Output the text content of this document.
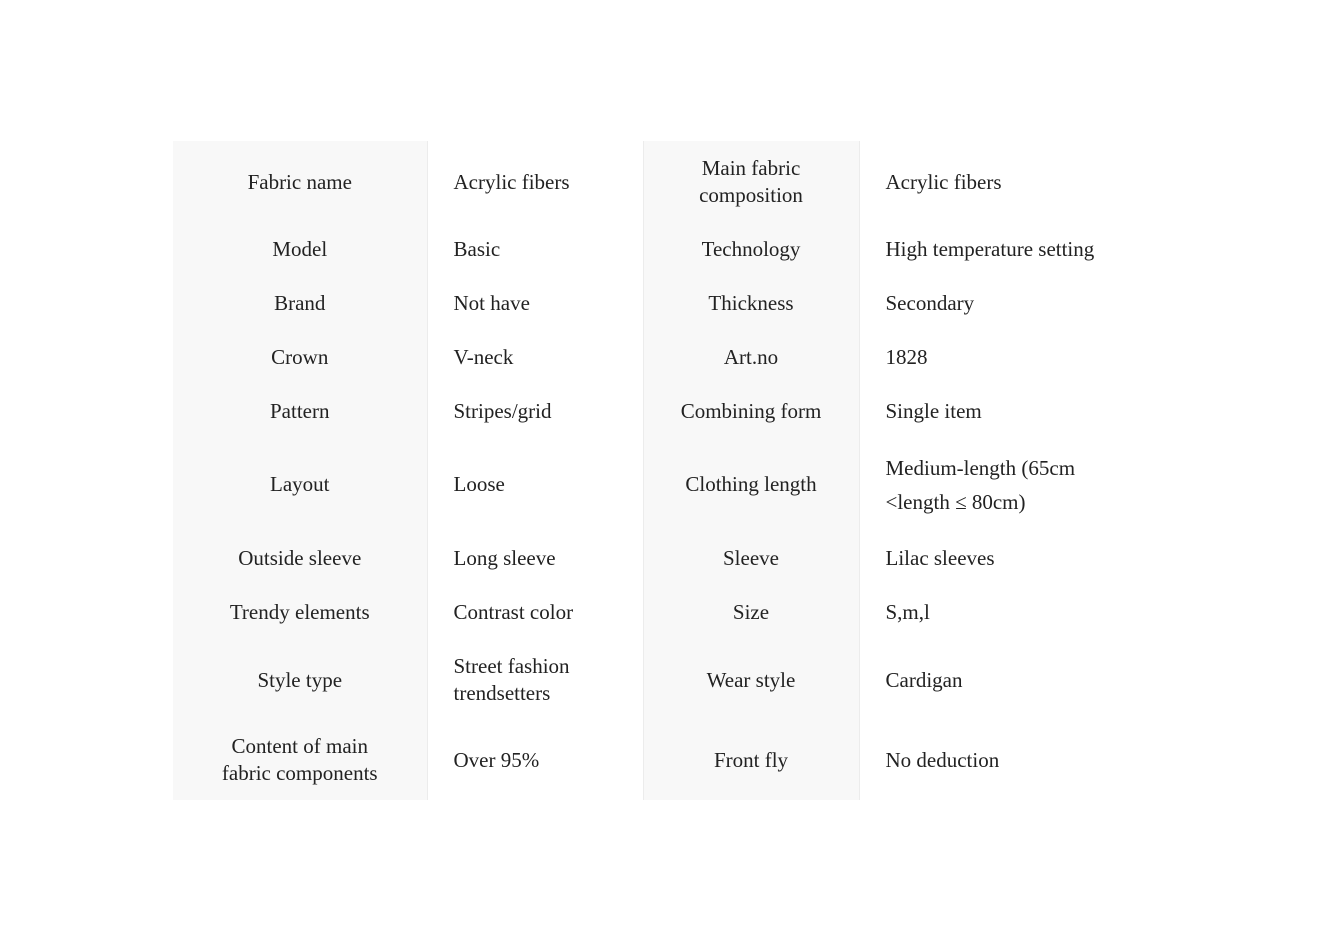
Fabric name	Acrylic fibers	Main fabric composition	Acrylic fibers
Model	Basic	Technology	High temperature setting
Brand	Not have	Thickness	Secondary
Crown	V-neck	Art.no	1828
Pattern	Stripes/grid	Combining form	Single item
Layout	Loose	Clothing length	Medium-length (65cm <length ≤ 80cm)

Outside sleeve	Long sleeve	Sleeve	Lilac sleeves
Trendy elements	Contrast color	Size	S,m,l
Style type	Street fashion trendsetters	Wear style	Cardigan

Content of main fabric components	Over 95%	Front fly	No deduction
